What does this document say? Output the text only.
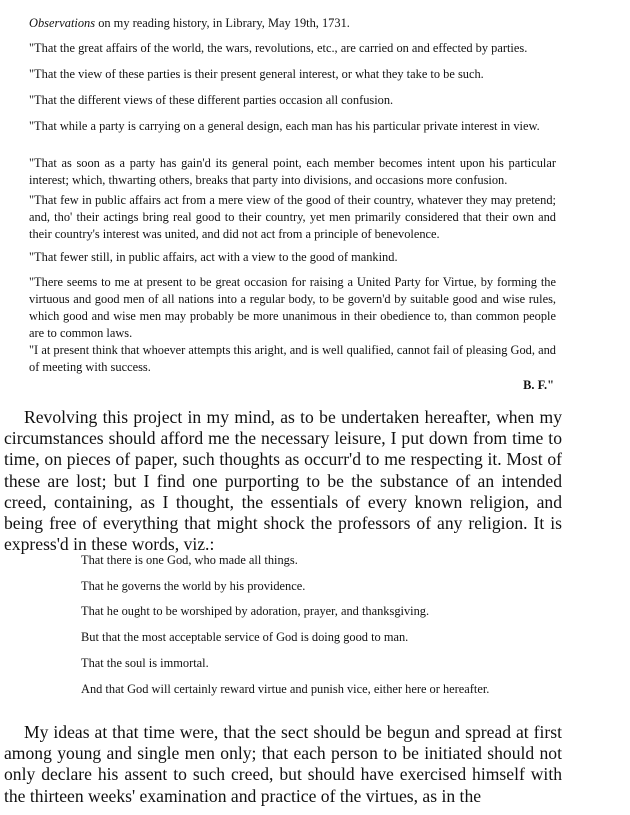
Observations on my reading history, in Library, May 19th, 1731.

"That the great affairs of the world, the wars, revolutions, etc., are carried on and effected by parties.

"That the view of these parties is their present general interest, or what they take to be such.

"That the different views of these different parties occasion all confusion.

"That while a party is carrying on a general design, each man has his particular private interest in view.

"That as soon as a party has gain'd its general point, each member becomes intent upon his particular interest; which, thwarting others, breaks that party into divisions, and occasions more confusion.

"That few in public affairs act from a mere view of the good of their country, whatever they may pretend; and, tho' their actings bring real good to their country, yet men primarily considered that their own and their country's interest was united, and did not act from a principle of benevolence.

"That fewer still, in public affairs, act with a view to the good of mankind.

"There seems to me at present to be great occasion for raising a United Party for Virtue, by forming the virtuous and good men of all nations into a regular body, to be govern'd by suitable good and wise rules, which good and wise men may probably be more unanimous in their obedience to, than common people are to common laws.

"I at present think that whoever attempts this aright, and is well qualified, cannot fail of pleasing God, and of meeting with success.

B. F."

Revolving this project in my mind, as to be undertaken hereafter, when my circumstances should afford me the necessary leisure, I put down from time to time, on pieces of paper, such thoughts as occurr'd to me respecting it. Most of these are lost; but I find one purporting to be the substance of an intended creed, containing, as I thought, the essentials of every known religion, and being free of everything that might shock the professors of any religion. It is express'd in these words, viz.:

That there is one God, who made all things.

That he governs the world by his providence.

That he ought to be worshiped by adoration, prayer, and thanksgiving.

But that the most acceptable service of God is doing good to man.

That the soul is immortal.

And that God will certainly reward virtue and punish vice, either here or hereafter.

My ideas at that time were, that the sect should be begun and spread at first among young and single men only; that each person to be initiated should not only declare his assent to such creed, but should have exercised himself with the thirteen weeks' examination and practice of the virtues, as in the
